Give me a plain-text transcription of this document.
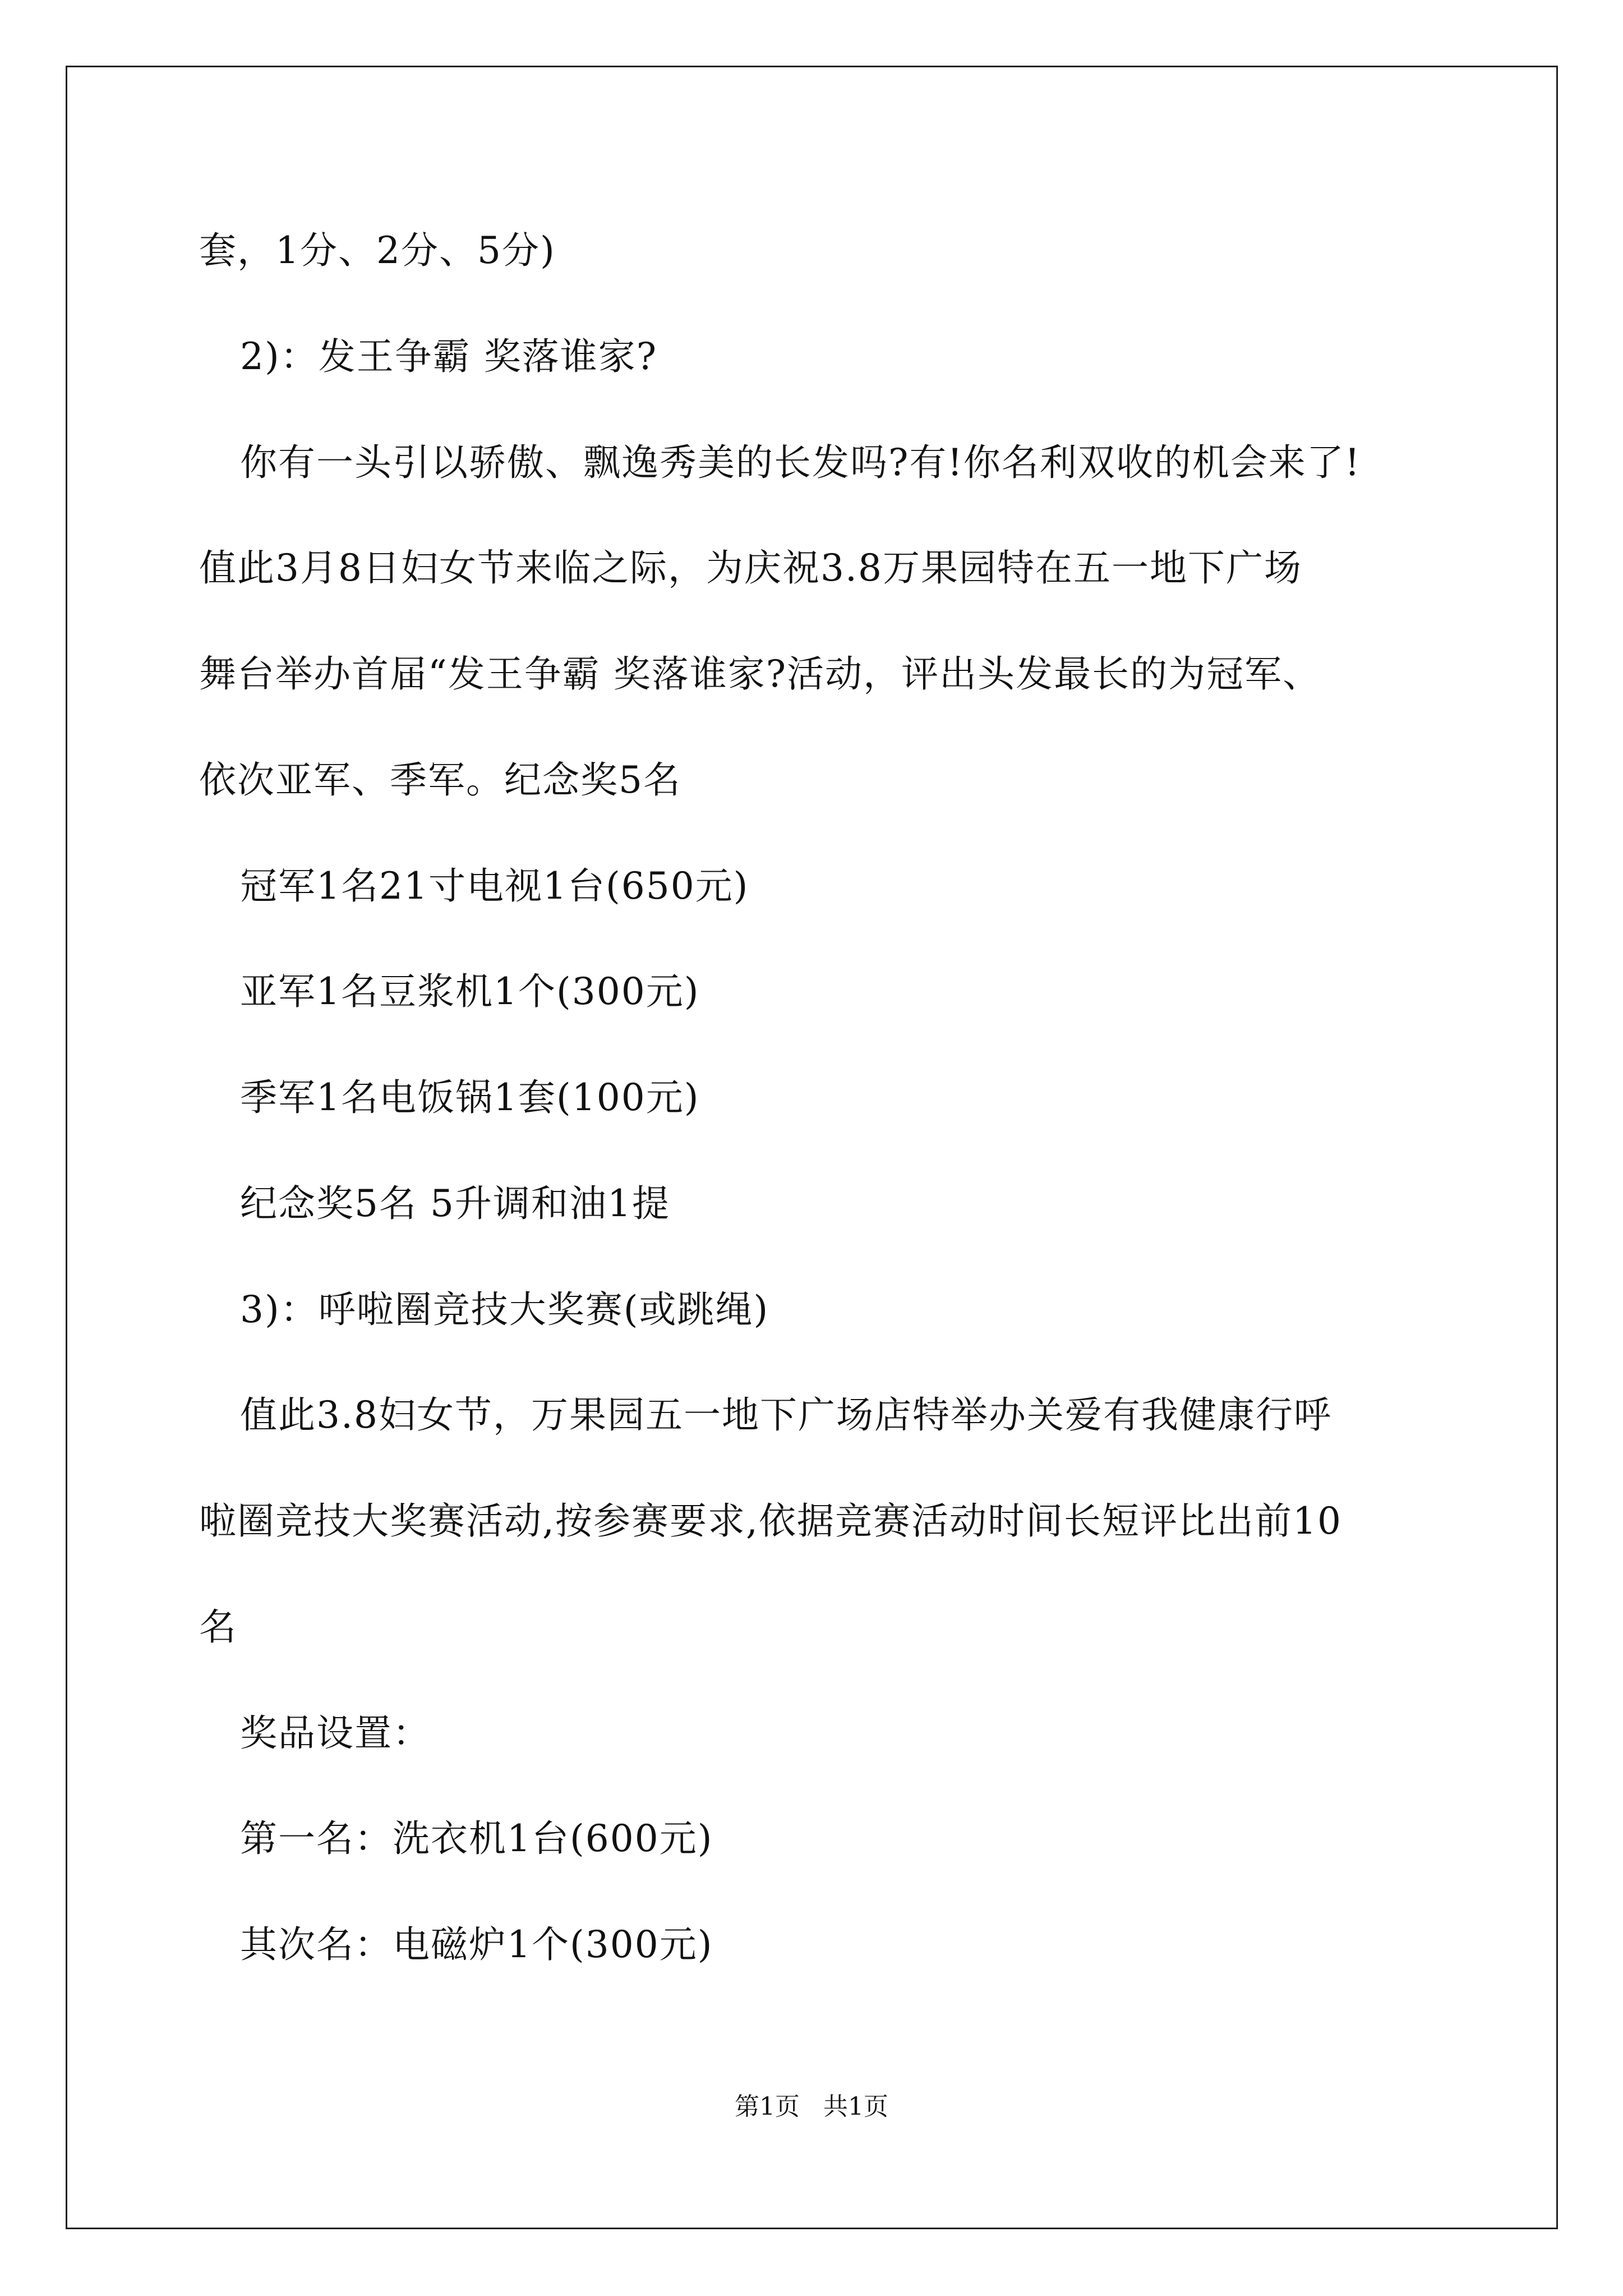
套，1分、2分、5分)
2)：发王争霸 奖落谁家?
你有一头引以骄傲、飘逸秀美的长发吗?有!你名利双收的机会来了!
值此3月8日妇女节来临之际，为庆祝3.8万果园特在五一地下广场
舞台举办首届“发王争霸 奖落谁家?活动，评出头发最长的为冠军、
依次亚军、季军。纪念奖5名
冠军1名21寸电视1台(650元)
亚军1名豆浆机1个(300元)
季军1名电饭锅1套(100元)
纪念奖5名 5升调和油1提
3)：呼啦圈竞技大奖赛(或跳绳)
值此3.8妇女节，万果园五一地下广场店特举办关爱有我健康行呼
啦圈竞技大奖赛活动,按参赛要求,依据竞赛活动时间长短评比出前10
名
奖品设置：
第一名：洗衣机1台(600元)
其次名：电磁炉1个(300元)
第1页   共1页
